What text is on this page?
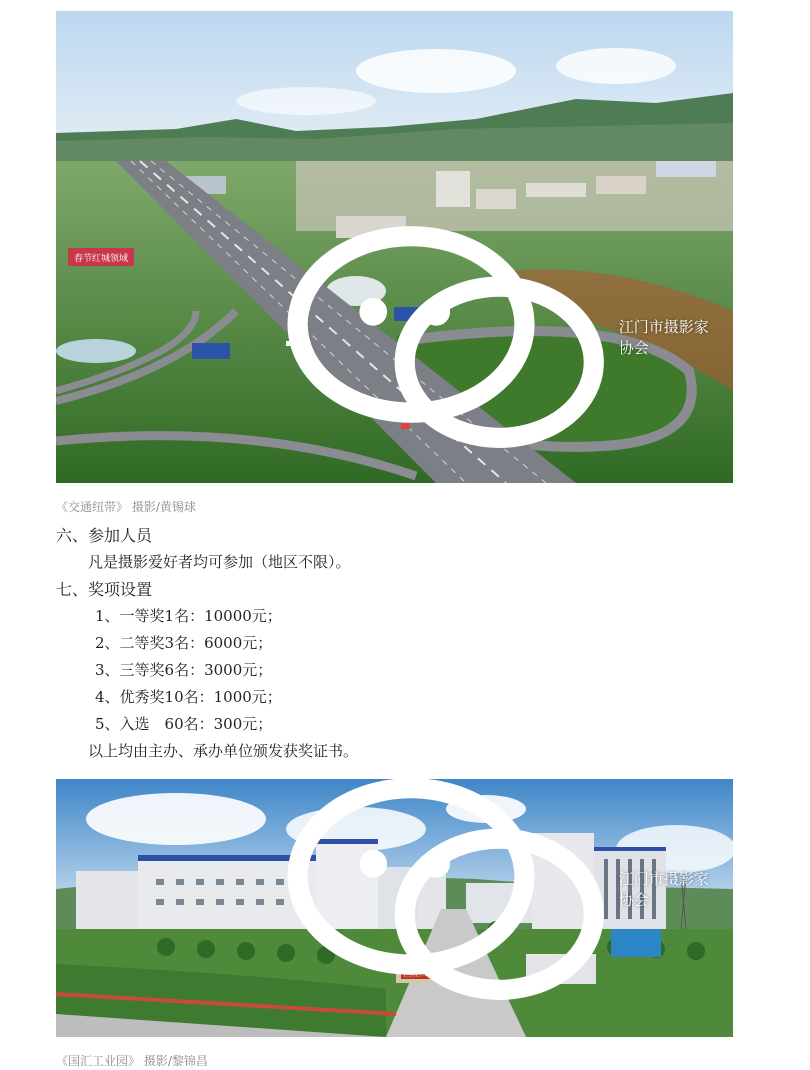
春节红城领域
江门市摄影家协会
《交通纽带》 摄影/黄锡球
六、参加人员
凡是摄影爱好者均可参加（地区不限）。
七、奖项设置
1、一等奖1名：10000元；
2、二等奖3名：6000元；
3、三等奖6名：3000元；
4、优秀奖10名：1000元；
5、入选　60名：300元；
以上均由主办、承办单位颁发获奖证书。
国汇工业园
江门市摄影家协会
《国汇工业园》 摄影/黎锦昌
